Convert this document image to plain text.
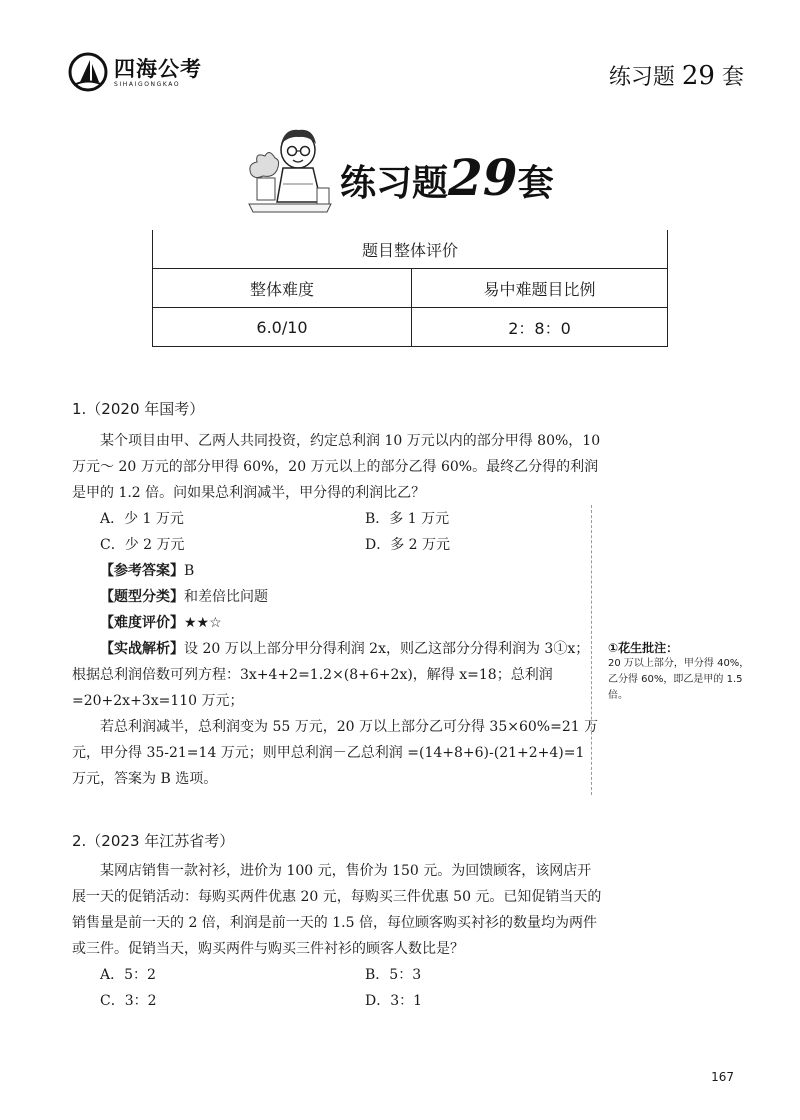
四海公考
SIHAIGONGKAO	练习题 29 套
练习题29套
题目整体评价	
整体难度	易中难题目比例
6.0/10	2：8：0
1.（2020 年国考）
某个项目由甲、乙两人共同投资，约定总利润 10 万元以内的部分甲得 80%，10 万元～ 20 万元的部分甲得 60%，20 万元以上的部分乙得 60%。最终乙分得的利润是甲的 1.2 倍。问如果总利润减半，甲分得的利润比乙？
A．少 1 万元	B．多 1 万元
C．少 2 万元	D．多 2 万元
【参考答案】B
【题型分类】和差倍比问题
【难度评价】★★☆
【实战解析】设 20 万以上部分甲分得利润 2x，则乙这部分分得利润为 3①x；根据总利润倍数可列方程：3x+4+2=1.2×(8+6+2x)，解得 x=18；总利润 =20+2x+3x=110 万元；
若总利润减半，总利润变为 55 万元，20 万以上部分乙可分得 35×60%=21 万元，甲分得 35-21=14 万元；则甲总利润－乙总利润 =(14+8+6)-(21+2+4)=1 万元，答案为 B 选项。
①花生批注：
20 万以上部分，甲分得 40%，乙分得 60%，即乙是甲的 1.5 倍。
2.（2023 年江苏省考）
某网店销售一款衬衫，进价为 100 元，售价为 150 元。为回馈顾客，该网店开展一天的促销活动：每购买两件优惠 20 元，每购买三件优惠 50 元。已知促销当天的销售量是前一天的 2 倍，利润是前一天的 1.5 倍，每位顾客购买衬衫的数量均为两件或三件。促销当天，购买两件与购买三件衬衫的顾客人数比是？
A．5：2	B．5：3
C．3：2	D．3：1
167
